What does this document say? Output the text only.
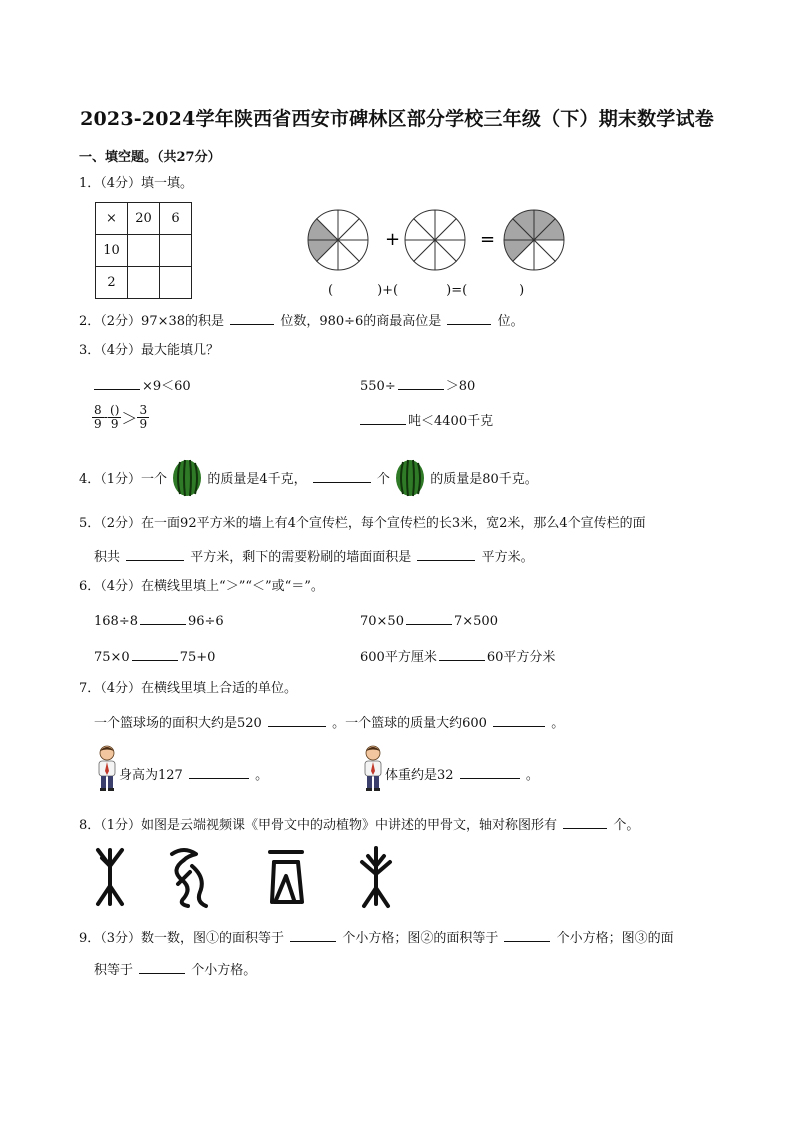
2023-2024学年陕西省西安市碑林区部分学校三年级（下）期末数学试卷
一、填空题。（共27分）
1．（4分）填一填。
×	20	6
10		
2		
+	=
(	)+(	)=(	)
2．（2分）97×38的积是	位数，980÷6的商最高位是	位。
3．（4分）最大能填几？
×9＜60	550÷	＞80
$\frac{8}{9} - \frac{()}{9} > \frac{3}{9}$	吨＜4400千克
4．（1分）一个	的质量是4千克，	个	的质量是80千克。
5．（2分）在一面92平方米的墙上有4个宣传栏，每个宣传栏的长3米，宽2米，那么4个宣传栏的面
积共	平方米，剩下的需要粉刷的墙面面积是	平方米。
6．（4分）在横线里填上“＞”“＜”或“＝”。
168÷8	96÷6	70×50	7×500
75×0	75+0	600平方厘米	60平方分米
7．（4分）在横线里填上合适的单位。
一个篮球场的面积大约是520	。一个篮球的质量大约600	。
身高为127	。	体重约是32	。
8．（1分）如图是云端视频课《甲骨文中的动植物》中讲述的甲骨文，轴对称图形有	个。
9．（3分）数一数，图①的面积等于	个小方格；图②的面积等于	个小方格；图③的面
积等于	个小方格。
